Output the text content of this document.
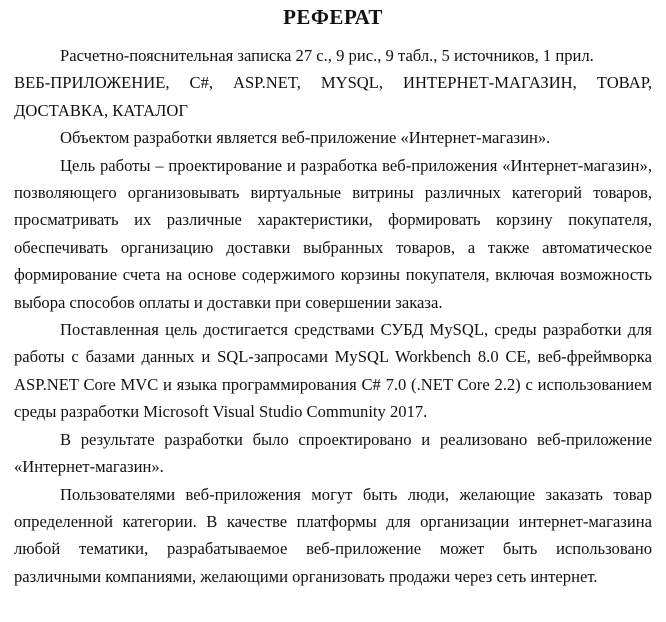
РЕФЕРАТ

Расчетно-пояснительная записка 27 с., 9 рис., 9 табл., 5 источников, 1 прил.

ВЕБ-ПРИЛОЖЕНИЕ, C#, ASP.NET, MYSQL, ИНТЕРНЕТ-МАГАЗИН, ТОВАР,
ДОСТАВКА, КАТАЛОГ

Объектом разработки является веб-приложение «Интернет-магазин».

Цель работы – проектирование и разработка веб-приложения «Интернет-магазин», позволяющего организовывать виртуальные витрины различных категорий товаров, просматривать их различные характеристики, формировать корзину покупателя, обеспечивать организацию доставки выбранных товаров, а также автоматическое формирование счета на основе содержимого корзины покупателя, включая возможность выбора способов оплаты и доставки при совершении заказа.

Поставленная цель достигается средствами СУБД MySQL, среды разработки для работы с базами данных и SQL-запросами MySQL Workbench 8.0 CE, веб-фреймворка ASP.NET Core MVC и языка программирования C# 7.0 (.NET Core 2.2) с использованием среды разработки Microsoft Visual Studio Community 2017.

В результате разработки было спроектировано и реализовано веб-приложение «Интернет-магазин».

Пользователями веб-приложения могут быть люди, желающие заказать товар определенной категории. В качестве платформы для организации интернет-магазина любой тематики, разрабатываемое веб-приложение может быть использовано различными компаниями, желающими организовать продажи через сеть интернет.
